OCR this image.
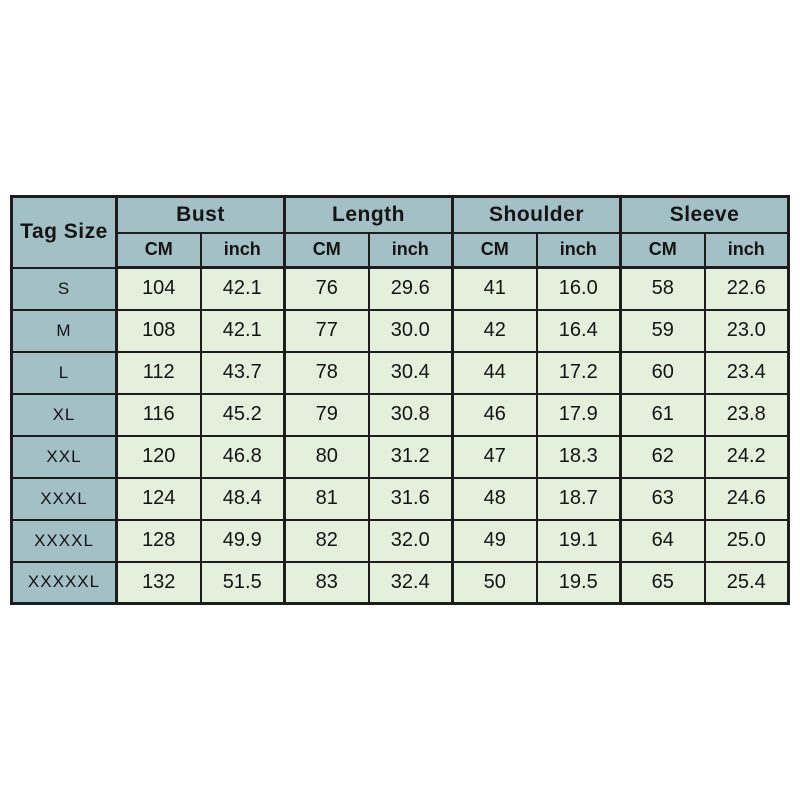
Tag Size	Bust		Length		Shoulder		Sleeve	
	CM	inch	CM	inch	CM	inch	CM	inch
S	104	42.1	76	29.6	41	16.0	58	22.6
M	108	42.1	77	30.0	42	16.4	59	23.0
L	112	43.7	78	30.4	44	17.2	60	23.4
XL	116	45.2	79	30.8	46	17.9	61	23.8
XXL	120	46.8	80	31.2	47	18.3	62	24.2
XXXL	124	48.4	81	31.6	48	18.7	63	24.6
XXXXL	128	49.9	82	32.0	49	19.1	64	25.0
XXXXXL	132	51.5	83	32.4	50	19.5	65	25.4
